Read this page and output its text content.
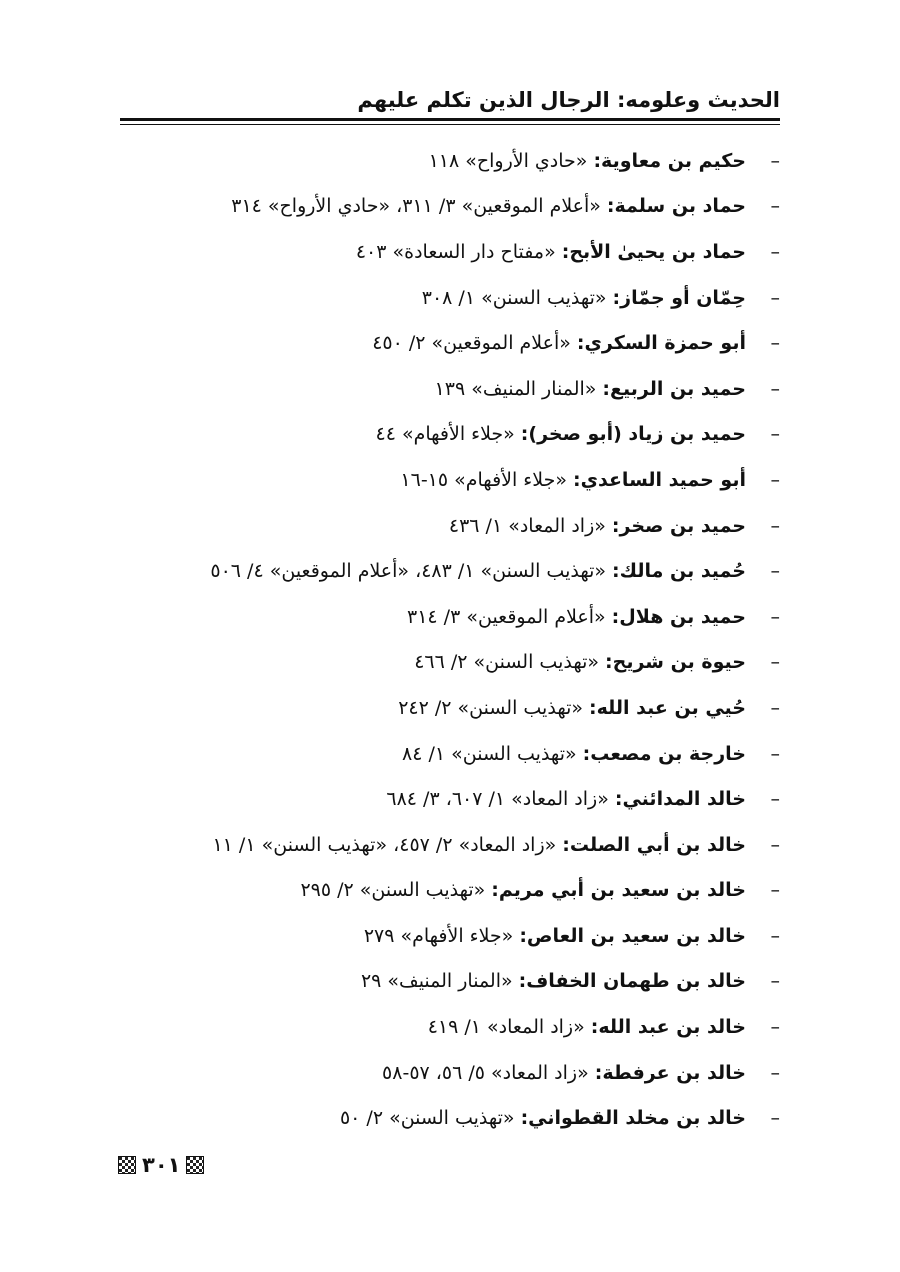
الحديث وعلومه: الرجال الذين تكلم عليهم
–
حكيم بن معاوية
:
«حادي الأرواح» ١١٨
–
حماد بن سلمة
:
«أعلام الموقعين» ٣/ ٣١١، «حادي الأرواح» ٣١٤
–
حماد بن يحيىٰ الأبح
:
«مفتاح دار السعادة» ٤٠٣
–
حِمّان أو جمّاز
:
«تهذيب السنن» ١/ ٣٠٨
–
أبو حمزة السكري
:
«أعلام الموقعين» ٢/ ٤٥٠
–
حميد بن الربيع
:
«المنار المنيف» ١٣٩
–
حميد بن زياد (أبو صخر)
:
«جلاء الأفهام» ٤٤
–
أبو حميد الساعدي
:
«جلاء الأفهام» ١٥-١٦
–
حميد بن صخر
:
«زاد المعاد» ١/ ٤٣٦
–
حُميد بن مالك
:
«تهذيب السنن» ١/ ٤٨٣، «أعلام الموقعين» ٤/ ٥٠٦
–
حميد بن هلال
:
«أعلام الموقعين» ٣/ ٣١٤
–
حيوة بن شريح
:
«تهذيب السنن» ٢/ ٤٦٦
–
حُيي بن عبد الله
:
«تهذيب السنن» ٢/ ٢٤٢
–
خارجة بن مصعب
:
«تهذيب السنن» ١/ ٨٤
–
خالد المدائني
:
«زاد المعاد» ١/ ٦٠٧، ٣/ ٦٨٤
–
خالد بن أبي الصلت
:
«زاد المعاد» ٢/ ٤٥٧، «تهذيب السنن» ١/ ١١
–
خالد بن سعيد بن أبي مريم
:
«تهذيب السنن» ٢/ ٢٩٥
–
خالد بن سعيد بن العاص
:
«جلاء الأفهام» ٢٧٩
–
خالد بن طهمان الخفاف
:
«المنار المنيف» ٢٩
–
خالد بن عبد الله
:
«زاد المعاد» ١/ ٤١٩
–
خالد بن عرفطة
:
«زاد المعاد» ٥/ ٥٦، ٥٧-٥٨
–
خالد بن مخلد القطواني
:
«تهذيب السنن» ٢/ ٥٠
٣٠١
